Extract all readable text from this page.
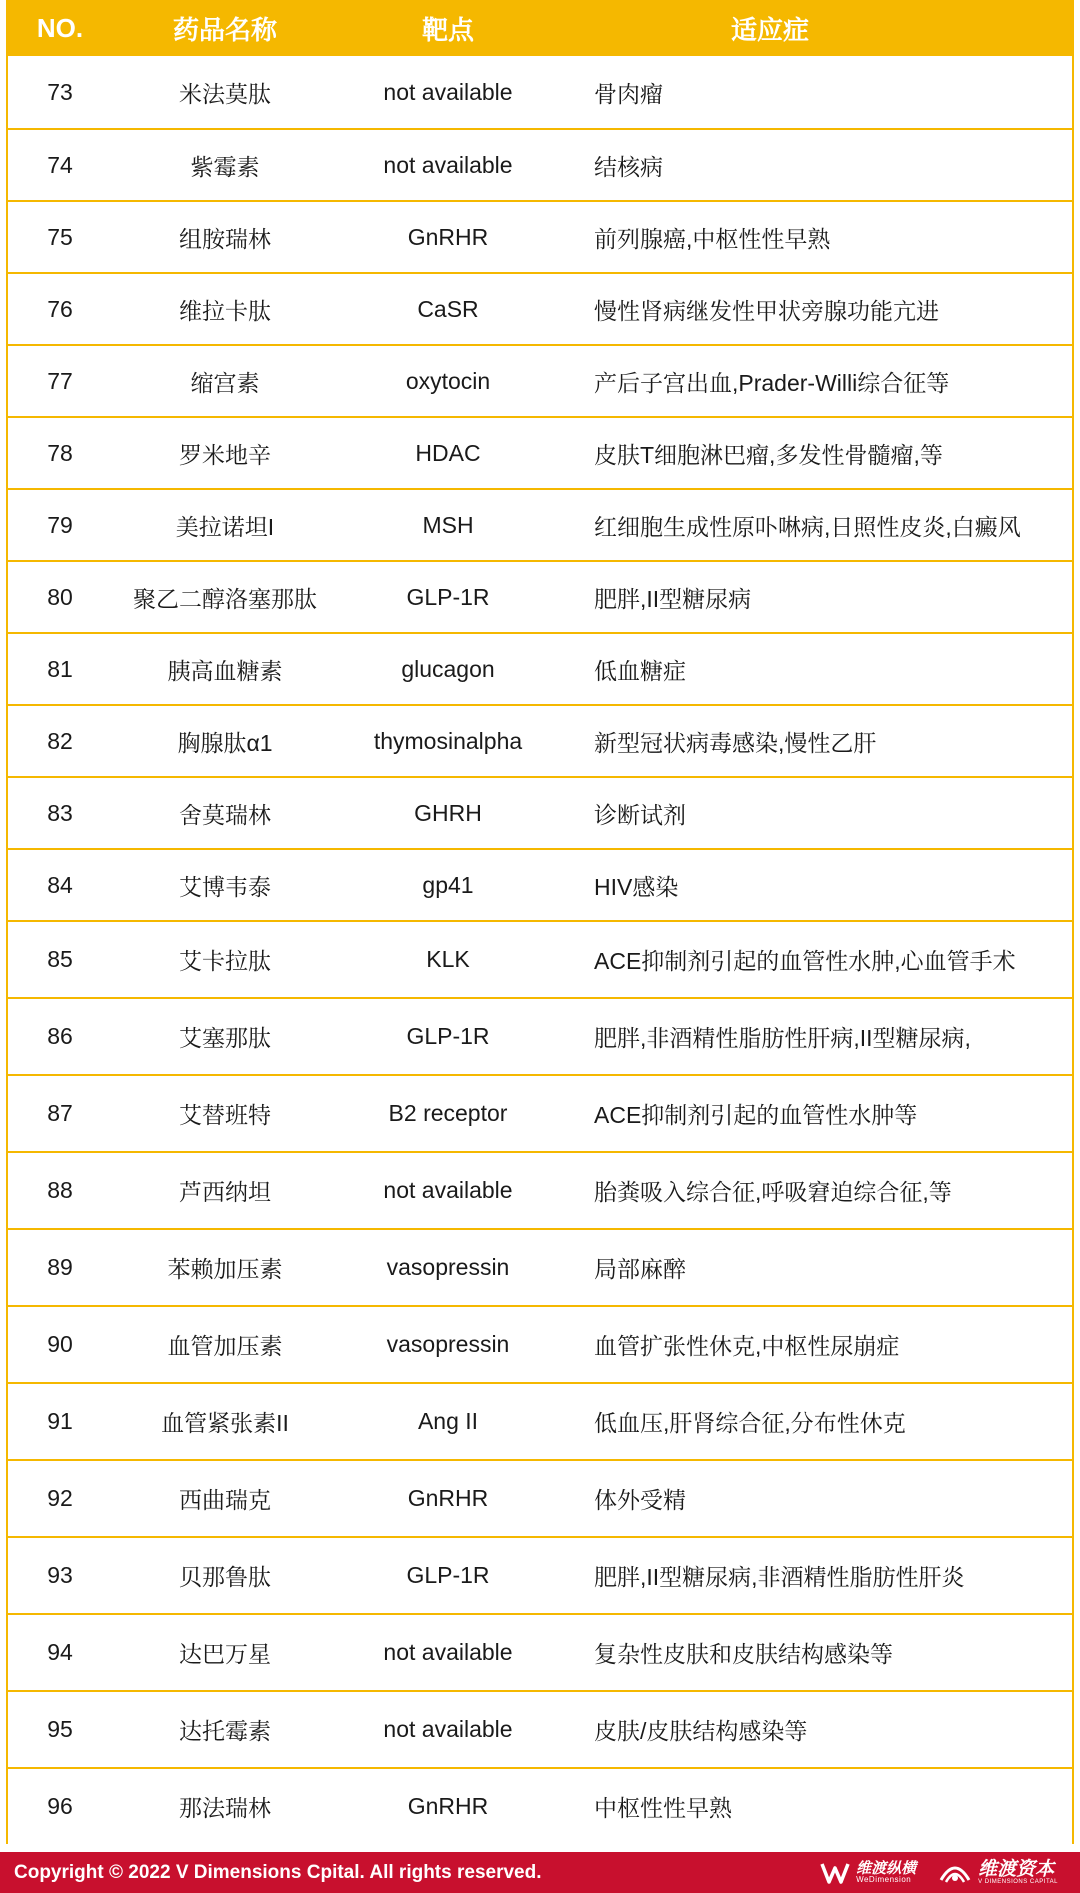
NO.	药品名称	靶点	适应症
73	米法莫肽	not available	骨肉瘤
74	紫霉素	not available	结核病
75	组胺瑞林	GnRHR	前列腺癌,中枢性性早熟
76	维拉卡肽	CaSR	慢性肾病继发性甲状旁腺功能亢进
77	缩宫素	oxytocin	产后子宫出血,Prader-Willi综合征等
78	罗米地辛	HDAC	皮肤T细胞淋巴瘤,多发性骨髓瘤,等
79	美拉诺坦I	MSH	红细胞生成性原卟啉病,日照性皮炎,白癜风
80	聚乙二醇洛塞那肽	GLP-1R	肥胖,II型糖尿病
81	胰高血糖素	glucagon	低血糖症
82	胸腺肽α1	thymosinalpha	新型冠状病毒感染,慢性乙肝
83	舍莫瑞林	GHRH	诊断试剂
84	艾博韦泰	gp41	HIV感染
85	艾卡拉肽	KLK	ACE抑制剂引起的血管性水肿,心血管手术
86	艾塞那肽	GLP-1R	肥胖,非酒精性脂肪性肝病,II型糖尿病,
87	艾替班特	B2 receptor	ACE抑制剂引起的血管性水肿等
88	芦西纳坦	not available	胎粪吸入综合征,呼吸窘迫综合征,等
89	苯赖加压素	vasopressin	局部麻醉
90	血管加压素	vasopressin	血管扩张性休克,中枢性尿崩症
91	血管紧张素II	Ang II	低血压,肝肾综合征,分布性休克
92	西曲瑞克	GnRHR	体外受精
93	贝那鲁肽	GLP-1R	肥胖,II型糖尿病,非酒精性脂肪性肝炎
94	达巴万星	not available	复杂性皮肤和皮肤结构感染等
95	达托霉素	not available	皮肤/皮肤结构感染等
96	那法瑞林	GnRHR	中枢性性早熟
Copyright © 2022 V Dimensions Cpital. All rights reserved.	维渡纵横
WeDimension	维渡资本
V DIMENSIONS CAPITAL
